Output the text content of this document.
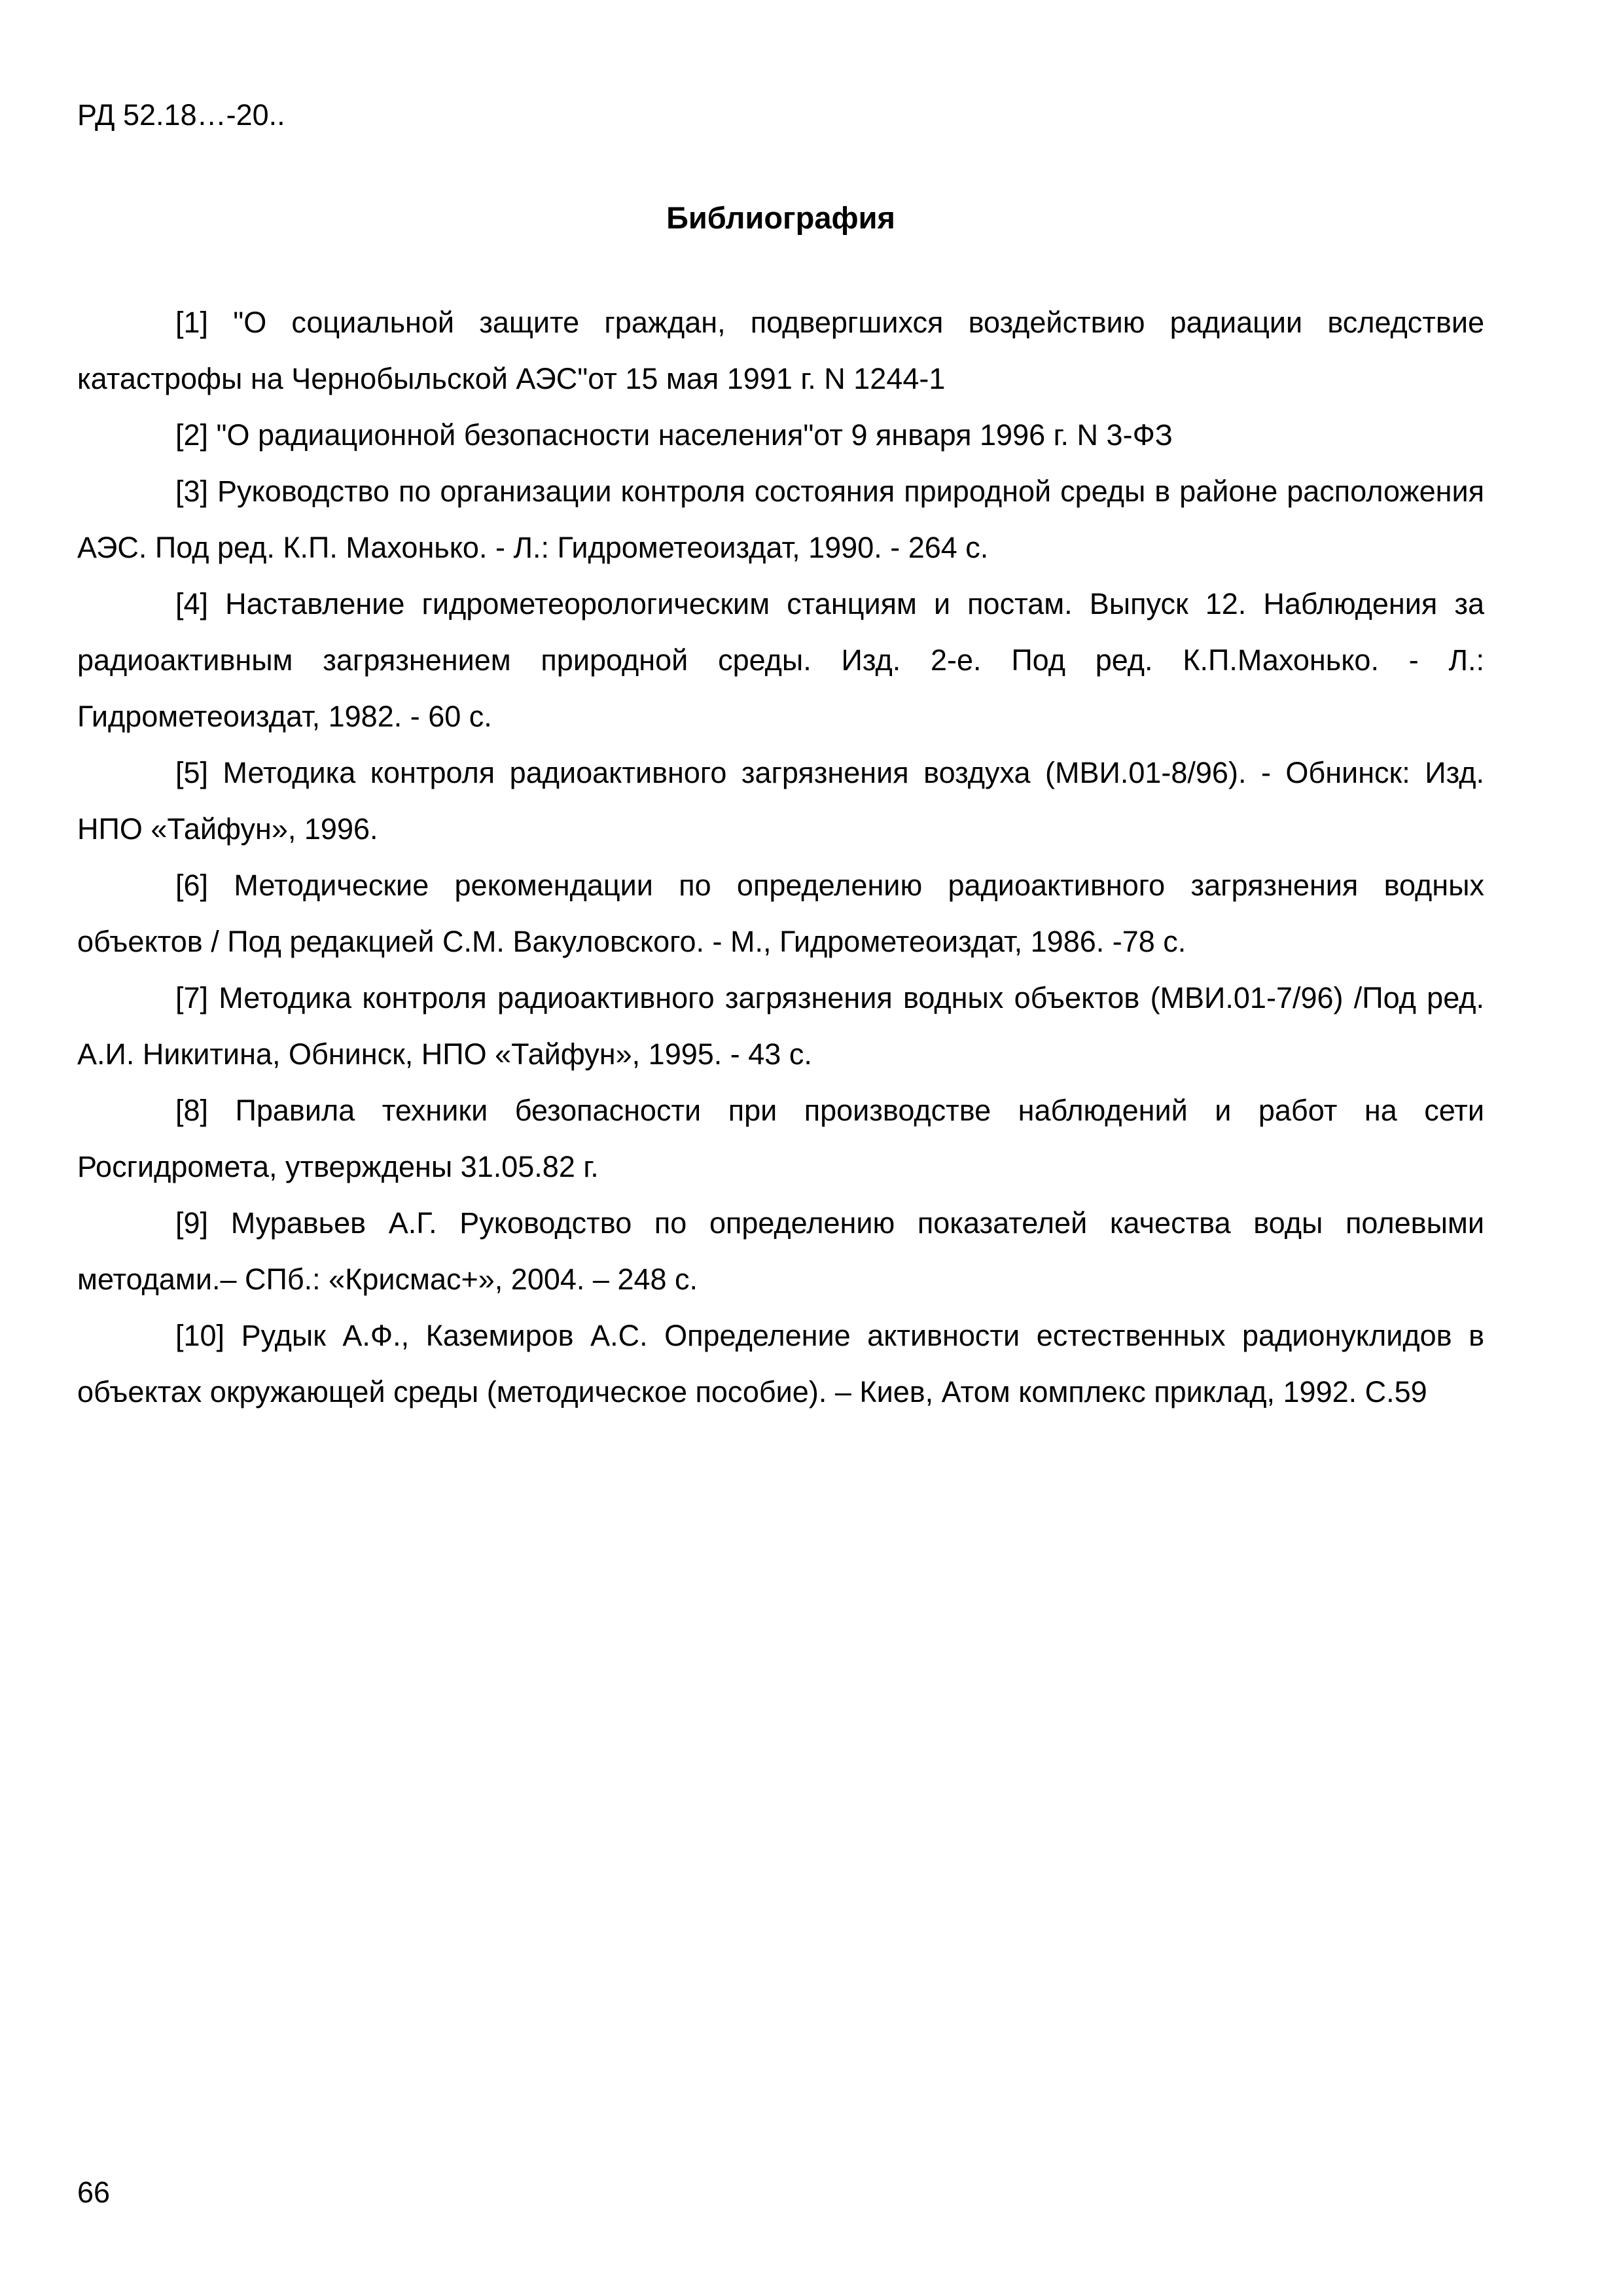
РД 52.18…-20..
Библиография
[1] "О социальной защите граждан, подвергшихся воздействию радиации вследствие катастрофы на Чернобыльской АЭС"от 15 мая 1991 г. N 1244-1
[2] "О радиационной безопасности населения"от 9 января 1996 г. N 3-ФЗ
[3] Руководство по организации контроля состояния природной среды в районе расположения АЭС. Под ред. К.П. Махонько. - Л.: Гидрометеоиздат, 1990. - 264 с.
[4] Наставление гидрометеорологическим станциям и постам. Выпуск 12. Наблюдения за радиоактивным загрязнением природной среды. Изд. 2-е. Под ред. К.П.Махонько. - Л.: Гидрометеоиздат, 1982. - 60 с.
[5] Методика контроля радиоактивного загрязнения воздуха (МВИ.01-8/96). - Обнинск: Изд. НПО «Тайфун», 1996.
[6] Методические рекомендации по определению радиоактивного загрязнения водных объектов / Под редакцией С.М. Вакуловского. - М., Гидрометеоиздат, 1986. -78 с.
[7] Методика контроля радиоактивного загрязнения водных объектов (МВИ.01-7/96) /Под ред. А.И. Никитина, Обнинск, НПО «Тайфун», 1995. - 43 с.
[8] Правила техники безопасности при производстве наблюдений и работ на сети Росгидромета, утверждены 31.05.82 г.
[9] Муравьев А.Г. Руководство по определению показателей качества воды полевыми методами.– СПб.: «Крисмас+», 2004. – 248 с.
[10] Рудык А.Ф., Каземиров А.С. Определение активности естественных радионуклидов в объектах окружающей среды (методическое пособие). – Киев, Атом комплекс приклад, 1992. С.59
66
